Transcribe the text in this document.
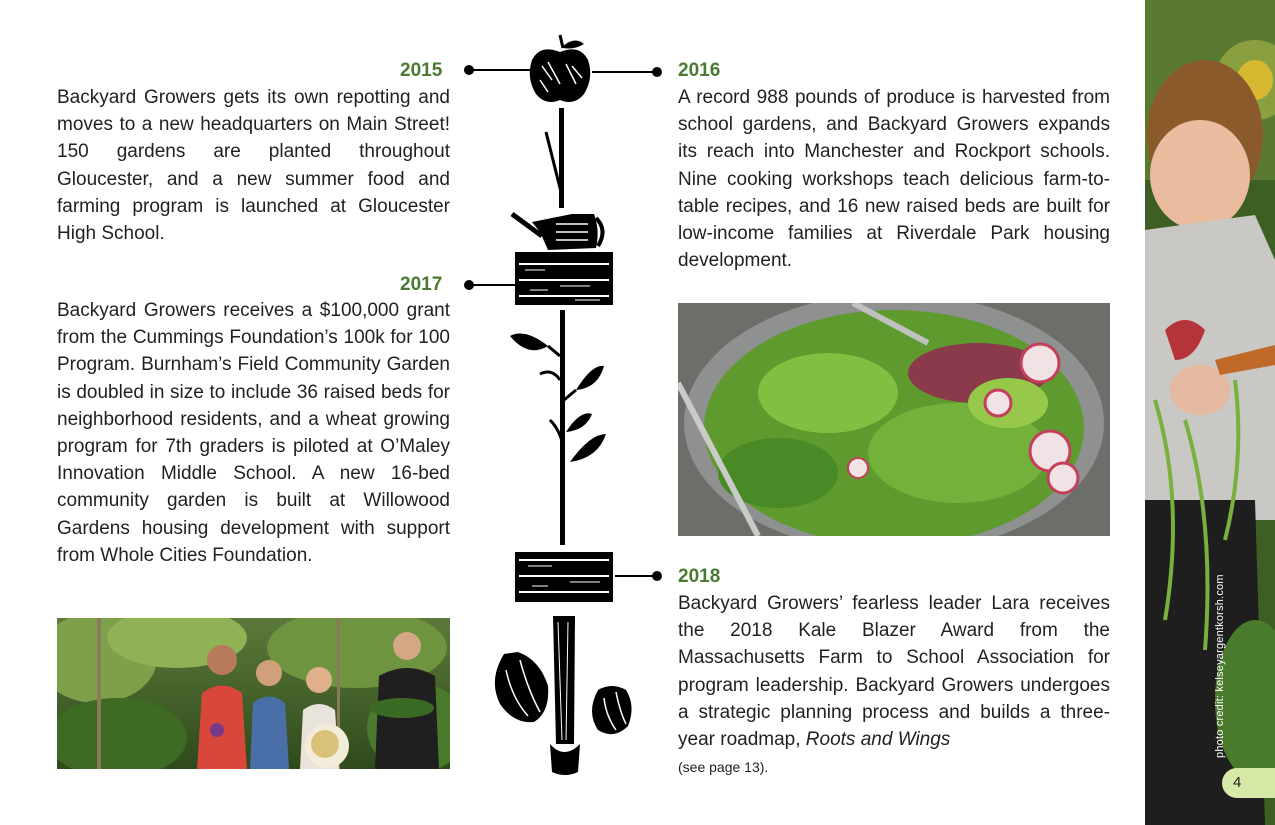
2015
Backyard Growers gets its own repotting and moves to a new headquarters on Main Street! 150 gardens are planted throughout Gloucester, and a new summer food and farming program is launched at Gloucester High School.
2017
Backyard Growers receives a $100,000 grant from the Cummings Foundation’s 100k for 100 Program. Burnham’s Field Community Garden is doubled in size to include 36 raised beds for neighborhood residents, and a wheat growing program for 7th graders is piloted at O’Maley Innovation Middle School. A new 16-bed community garden is built at Willowood Gardens housing development with support from Whole Cities Foundation.
2016
A record 988 pounds of produce is harvested from school gardens, and Backyard Growers expands its reach into Manchester and Rockport schools. Nine cooking workshops teach delicious farm-to-table recipes, and 16 new raised beds are built for low-income families at Riverdale Park housing development.
2018
Backyard Growers’ fearless leader Lara receives the 2018 Kale Blazer Award from the Massachusetts Farm to School Association for program leadership. Backyard Growers undergoes a strategic planning process and builds a three-year roadmap, Roots and Wings
(see page 13).
photo credit: kelseyargentkorsh.com
4
